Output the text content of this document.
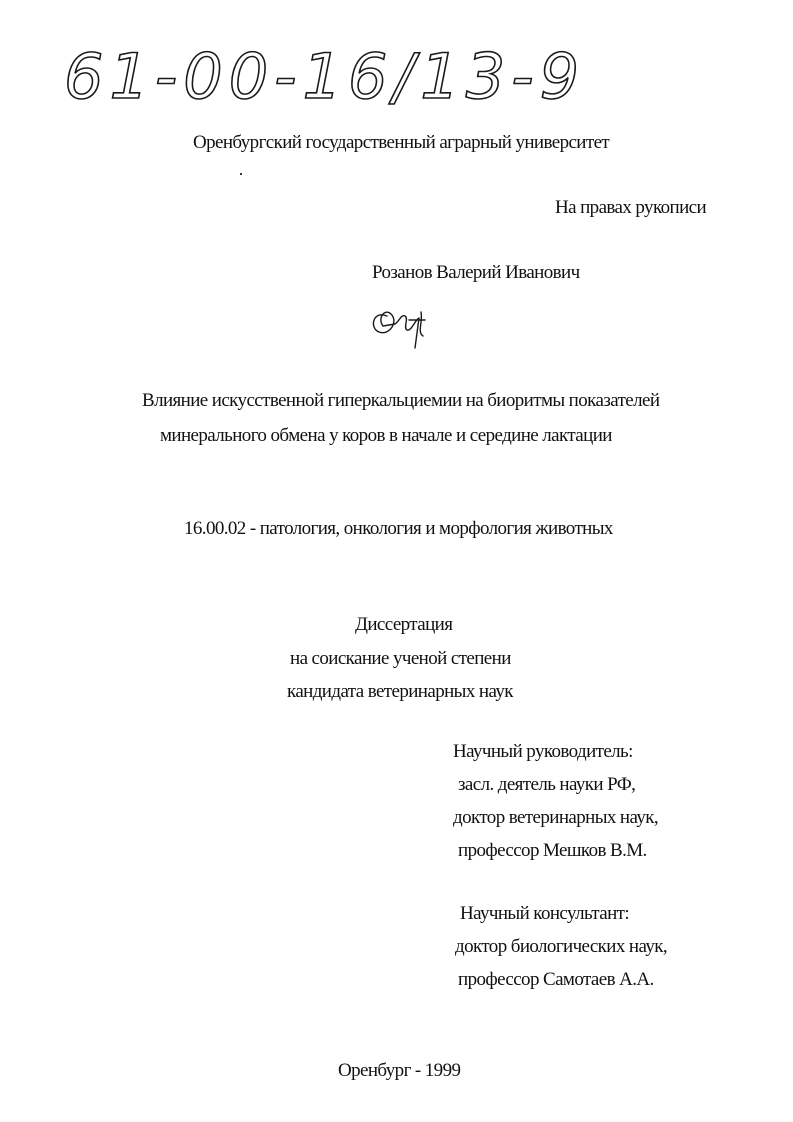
61-00-16/13-9

Оренбургский государственный аграрный университет

На правах рукописи

Розанов Валерий Иванович

Влияние искусственной гиперкальциемии на биоритмы показателей

минерального обмена у коров в начале и середине лактации

16.00.02 - патология, онкология и морфология животных

Диссертация

на соискание ученой степени

кандидата ветеринарных наук

Научный руководитель:

засл. деятель науки РФ,

доктор ветеринарных наук,

профессор Мешков В.М.

Научный консультант:

доктор биологических наук,

профессор Самотаев А.А.

Оренбург - 1999
